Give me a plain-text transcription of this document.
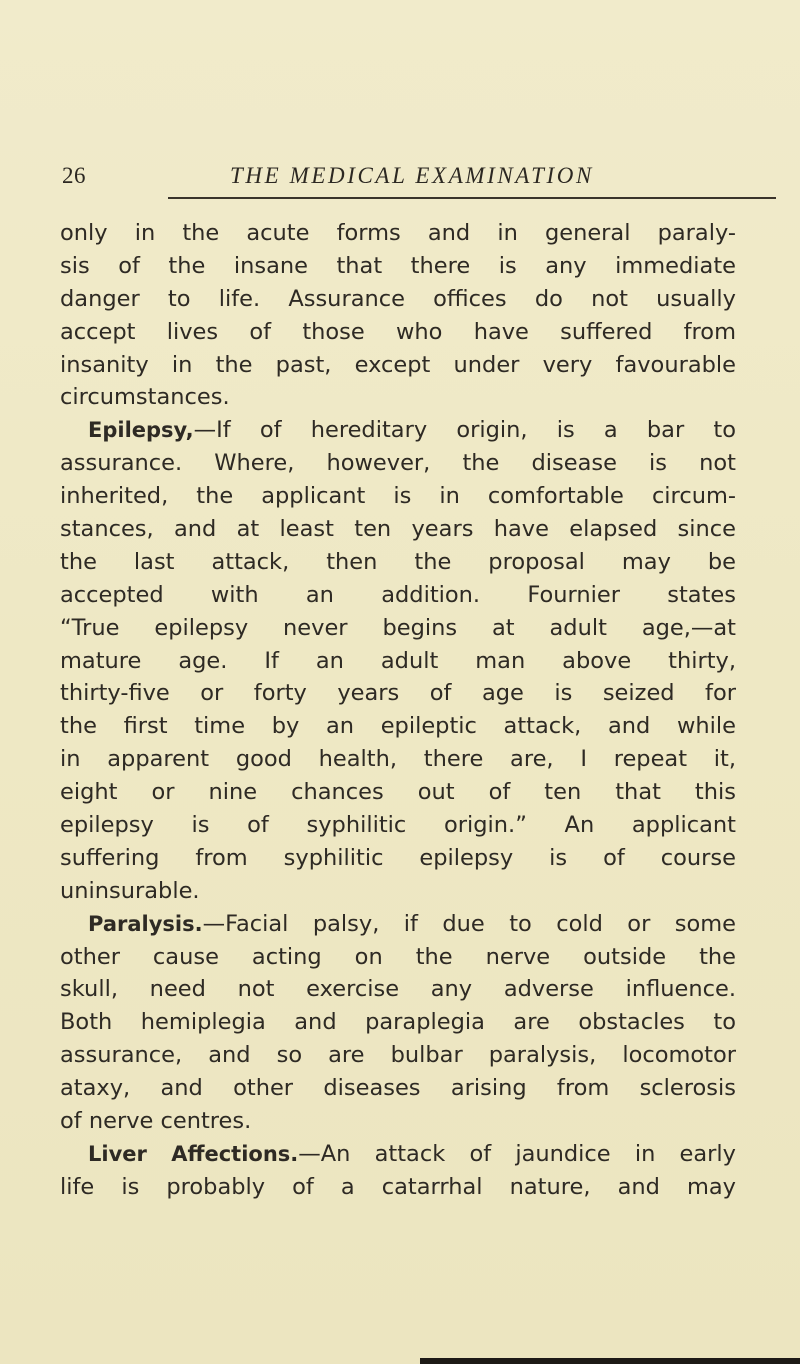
26	THE MEDICAL EXAMINATION
only in the acute forms and in general paraly-
sis of the insane that there is any immediate
danger to life. Assurance offices do not usually
accept lives of those who have suffered from
insanity in the past, except under very favourable
circumstances.
Epilepsy,—If of hereditary origin, is a bar to
assurance. Where, however, the disease is not
inherited, the applicant is in comfortable circum-
stances, and at least ten years have elapsed since
the last attack, then the proposal may be
accepted with an addition. Fournier states
“True epilepsy never begins at adult age,—at
mature age. If an adult man above thirty,
thirty-five or forty years of age is seized for
the first time by an epileptic attack, and while
in apparent good health, there are, I repeat it,
eight or nine chances out of ten that this
epilepsy is of syphilitic origin.” An applicant
suffering from syphilitic epilepsy is of course
uninsurable.
Paralysis.—Facial palsy, if due to cold or some
other cause acting on the nerve outside the
skull, need not exercise any adverse influence.
Both hemiplegia and paraplegia are obstacles to
assurance, and so are bulbar paralysis, locomotor
ataxy, and other diseases arising from sclerosis
of nerve centres.
Liver Affections.—An attack of jaundice in early
life is probably of a catarrhal nature, and may
